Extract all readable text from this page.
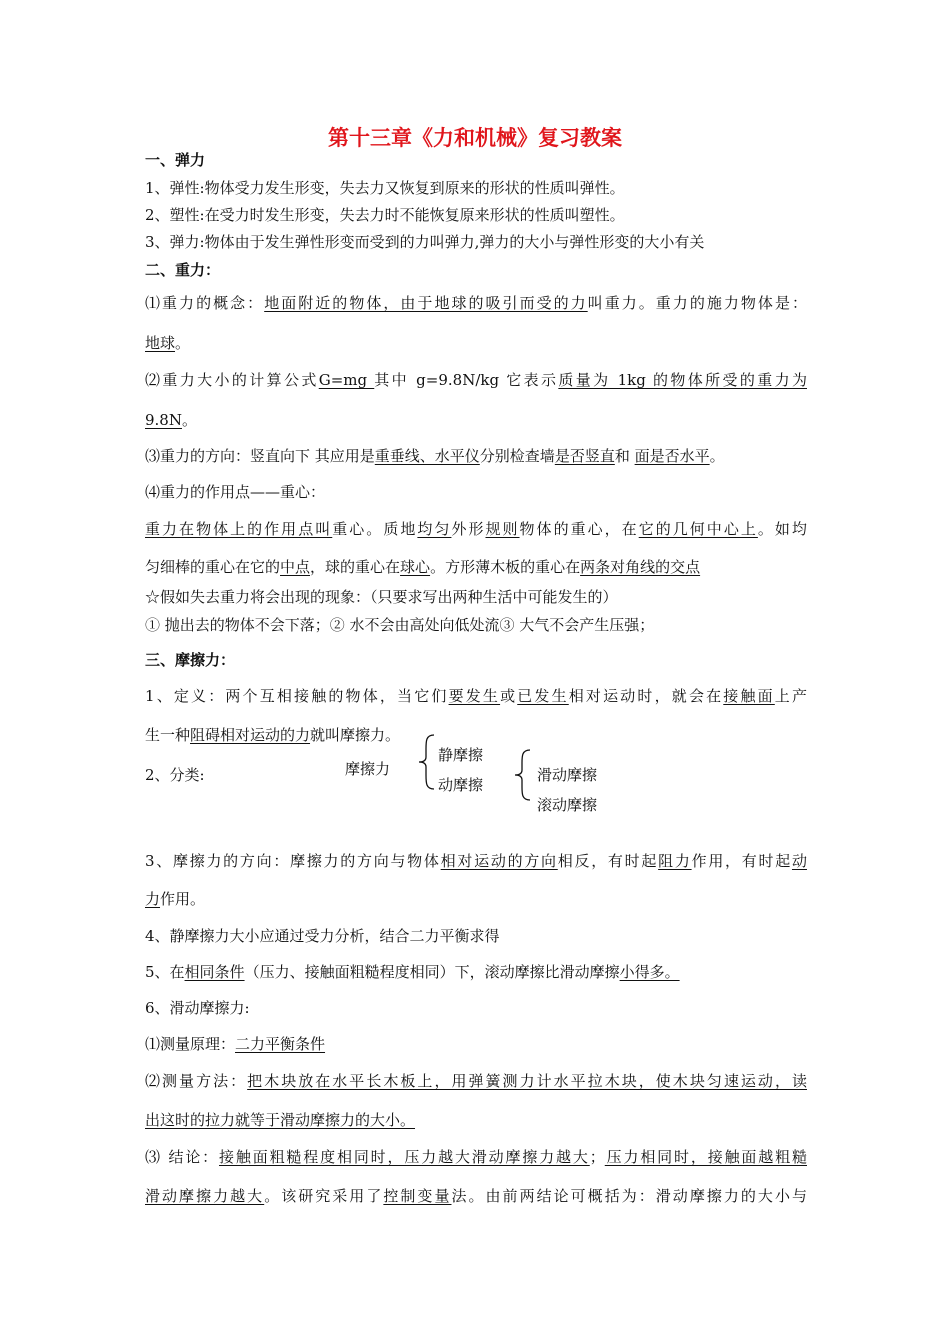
第十三章《力和机械》复习教案
一、弹力
1、弹性:物体受力发生形变，失去力又恢复到原来的形状的性质叫弹性。
2、塑性:在受力时发生形变，失去力时不能恢复原来形状的性质叫塑性。
3、弹力:物体由于发生弹性形变而受到的力叫弹力,弹力的大小与弹性形变的大小有关
二、重力：
⑴重力的概念：地面附近的物体，由于地球的吸引而受的力叫重力。重力的施力物体是：
地球。
⑵重力大小的计算公式G=mg 其中 g=9.8N/kg 它表示质量为 1kg 的物体所受的重力为
9.8N。
⑶重力的方向：竖直向下 其应用是重垂线、水平仪分别检查墙是否竖直和 面是否水平。
⑷重力的作用点——重心：
重力在物体上的作用点叫重心。质地均匀外形规则物体的重心，在它的几何中心上。如均
匀细棒的重心在它的中点，球的重心在球心。方形薄木板的重心在两条对角线的交点
☆假如失去重力将会出现的现象：（只要求写出两种生活中可能发生的）
① 抛出去的物体不会下落；② 水不会由高处向低处流③ 大气不会产生压强；
三、摩擦力：
1、定义：两个互相接触的物体，当它们要发生或已发生相对运动时，就会在接触面上产
生一种阻碍相对运动的力就叫摩擦力。
2、分类:	摩擦力
静摩擦
动摩擦
滑动摩擦
滚动摩擦
3、摩擦力的方向：摩擦力的方向与物体相对运动的方向相反，有时起阻力作用，有时起动
力作用。
4、静摩擦力大小应通过受力分析，结合二力平衡求得
5、在相同条件（压力、接触面粗糙程度相同）下，滚动摩擦比滑动摩擦小得多。
6、滑动摩擦力:
⑴测量原理：二力平衡条件
⑵测量方法：把木块放在水平长木板上，用弹簧测力计水平拉木块，使木块匀速运动，读
出这时的拉力就等于滑动摩擦力的大小。
⑶ 结论：接触面粗糙程度相同时，压力越大滑动摩擦力越大；压力相同时，接触面越粗糙
滑动摩擦力越大。该研究采用了控制变量法。由前两结论可概括为：滑动摩擦力的大小与
